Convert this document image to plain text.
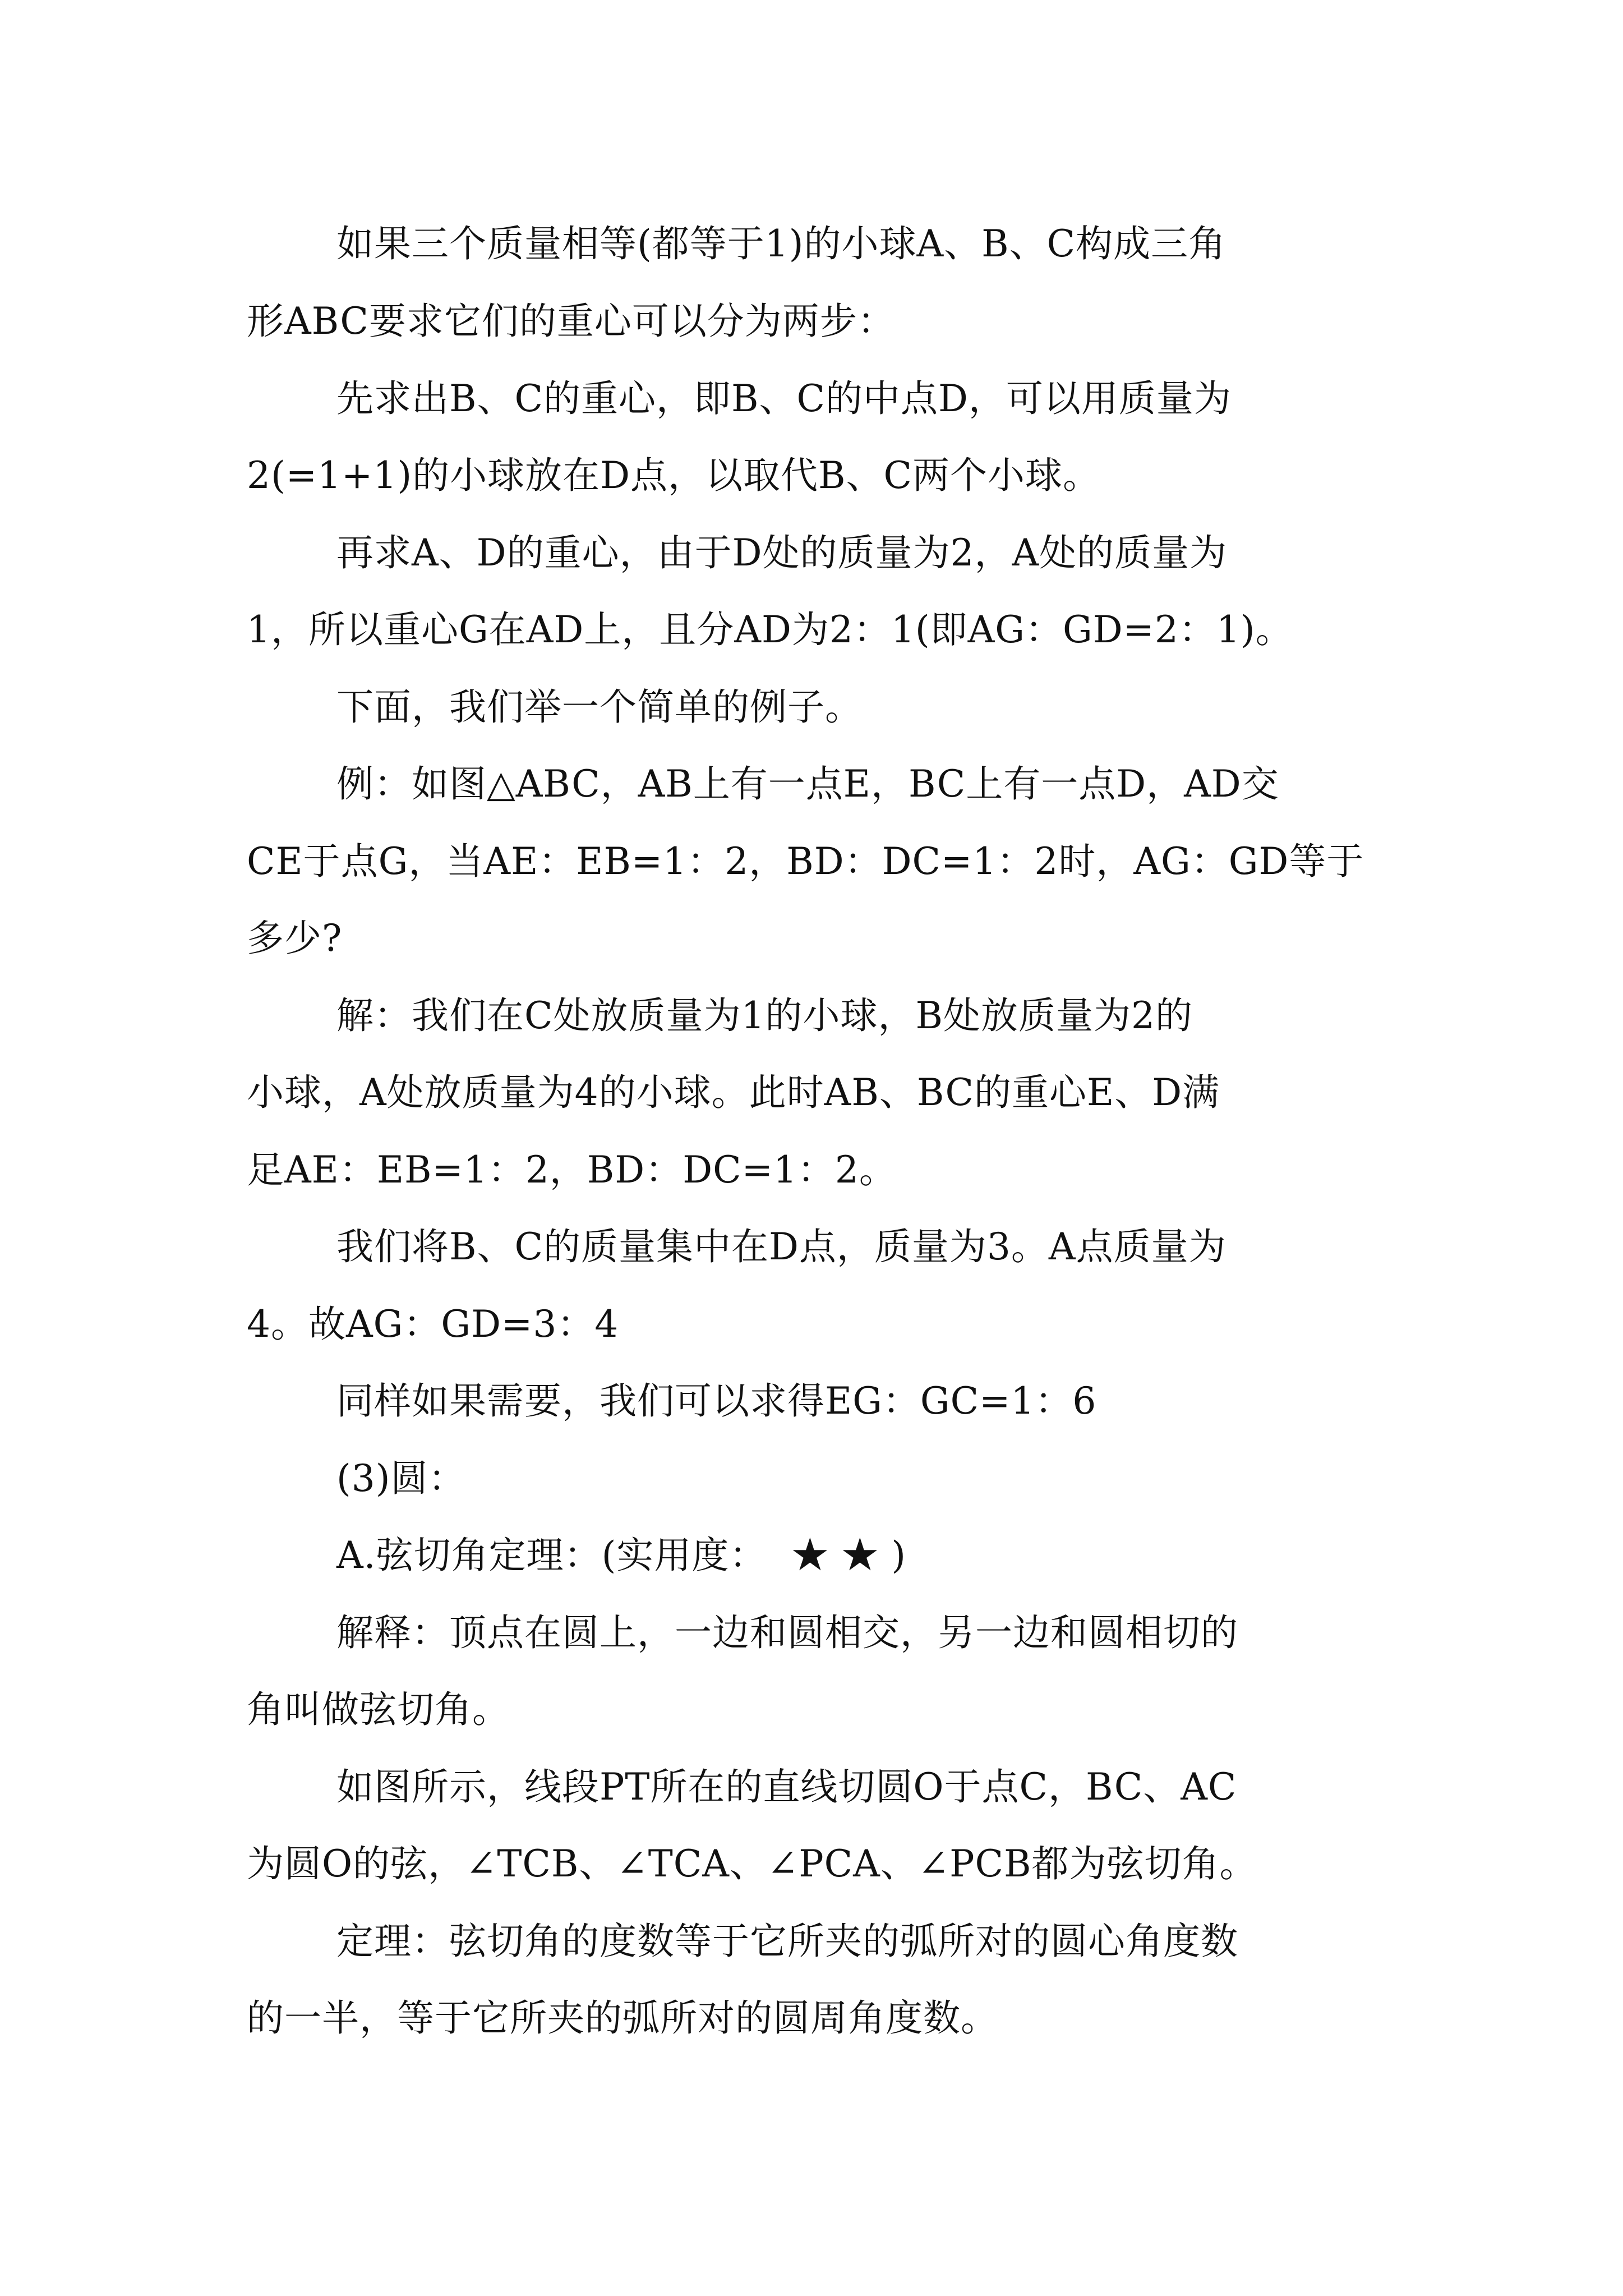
如果三个质量相等(都等于1)的小球A、B、C构成三角
形ABC要求它们的重心可以分为两步：
先求出B、C的重心，即B、C的中点D，可以用质量为
2(=1+1)的小球放在D点，以取代B、C两个小球。
再求A、D的重心，由于D处的质量为2，A处的质量为
1，所以重心G在AD上，且分AD为2：1(即AG：GD=2：1)。
下面，我们举一个简单的例子。
例：如图△ABC，AB上有一点E，BC上有一点D，AD交
CE于点G，当AE：EB=1：2，BD：DC=1：2时，AG：GD等于
多少?
解：我们在C处放质量为1的小球，B处放质量为2的
小球，A处放质量为4的小球。此时AB、BC的重心E、D满
足AE：EB=1：2，BD：DC=1：2。
我们将B、C的质量集中在D点，质量为3。A点质量为
4。故AG：GD=3：4
同样如果需要，我们可以求得EG：GC=1：6
(3)圆：
A.弦切角定理：(实用度：  ★ ★ )
解释：顶点在圆上，一边和圆相交，另一边和圆相切的
角叫做弦切角。
如图所示，线段PT所在的直线切圆O于点C，BC、AC
为圆O的弦，∠TCB、∠TCA、∠PCA、∠PCB都为弦切角。
定理：弦切角的度数等于它所夹的弧所对的圆心角度数
的一半，等于它所夹的弧所对的圆周角度数。
